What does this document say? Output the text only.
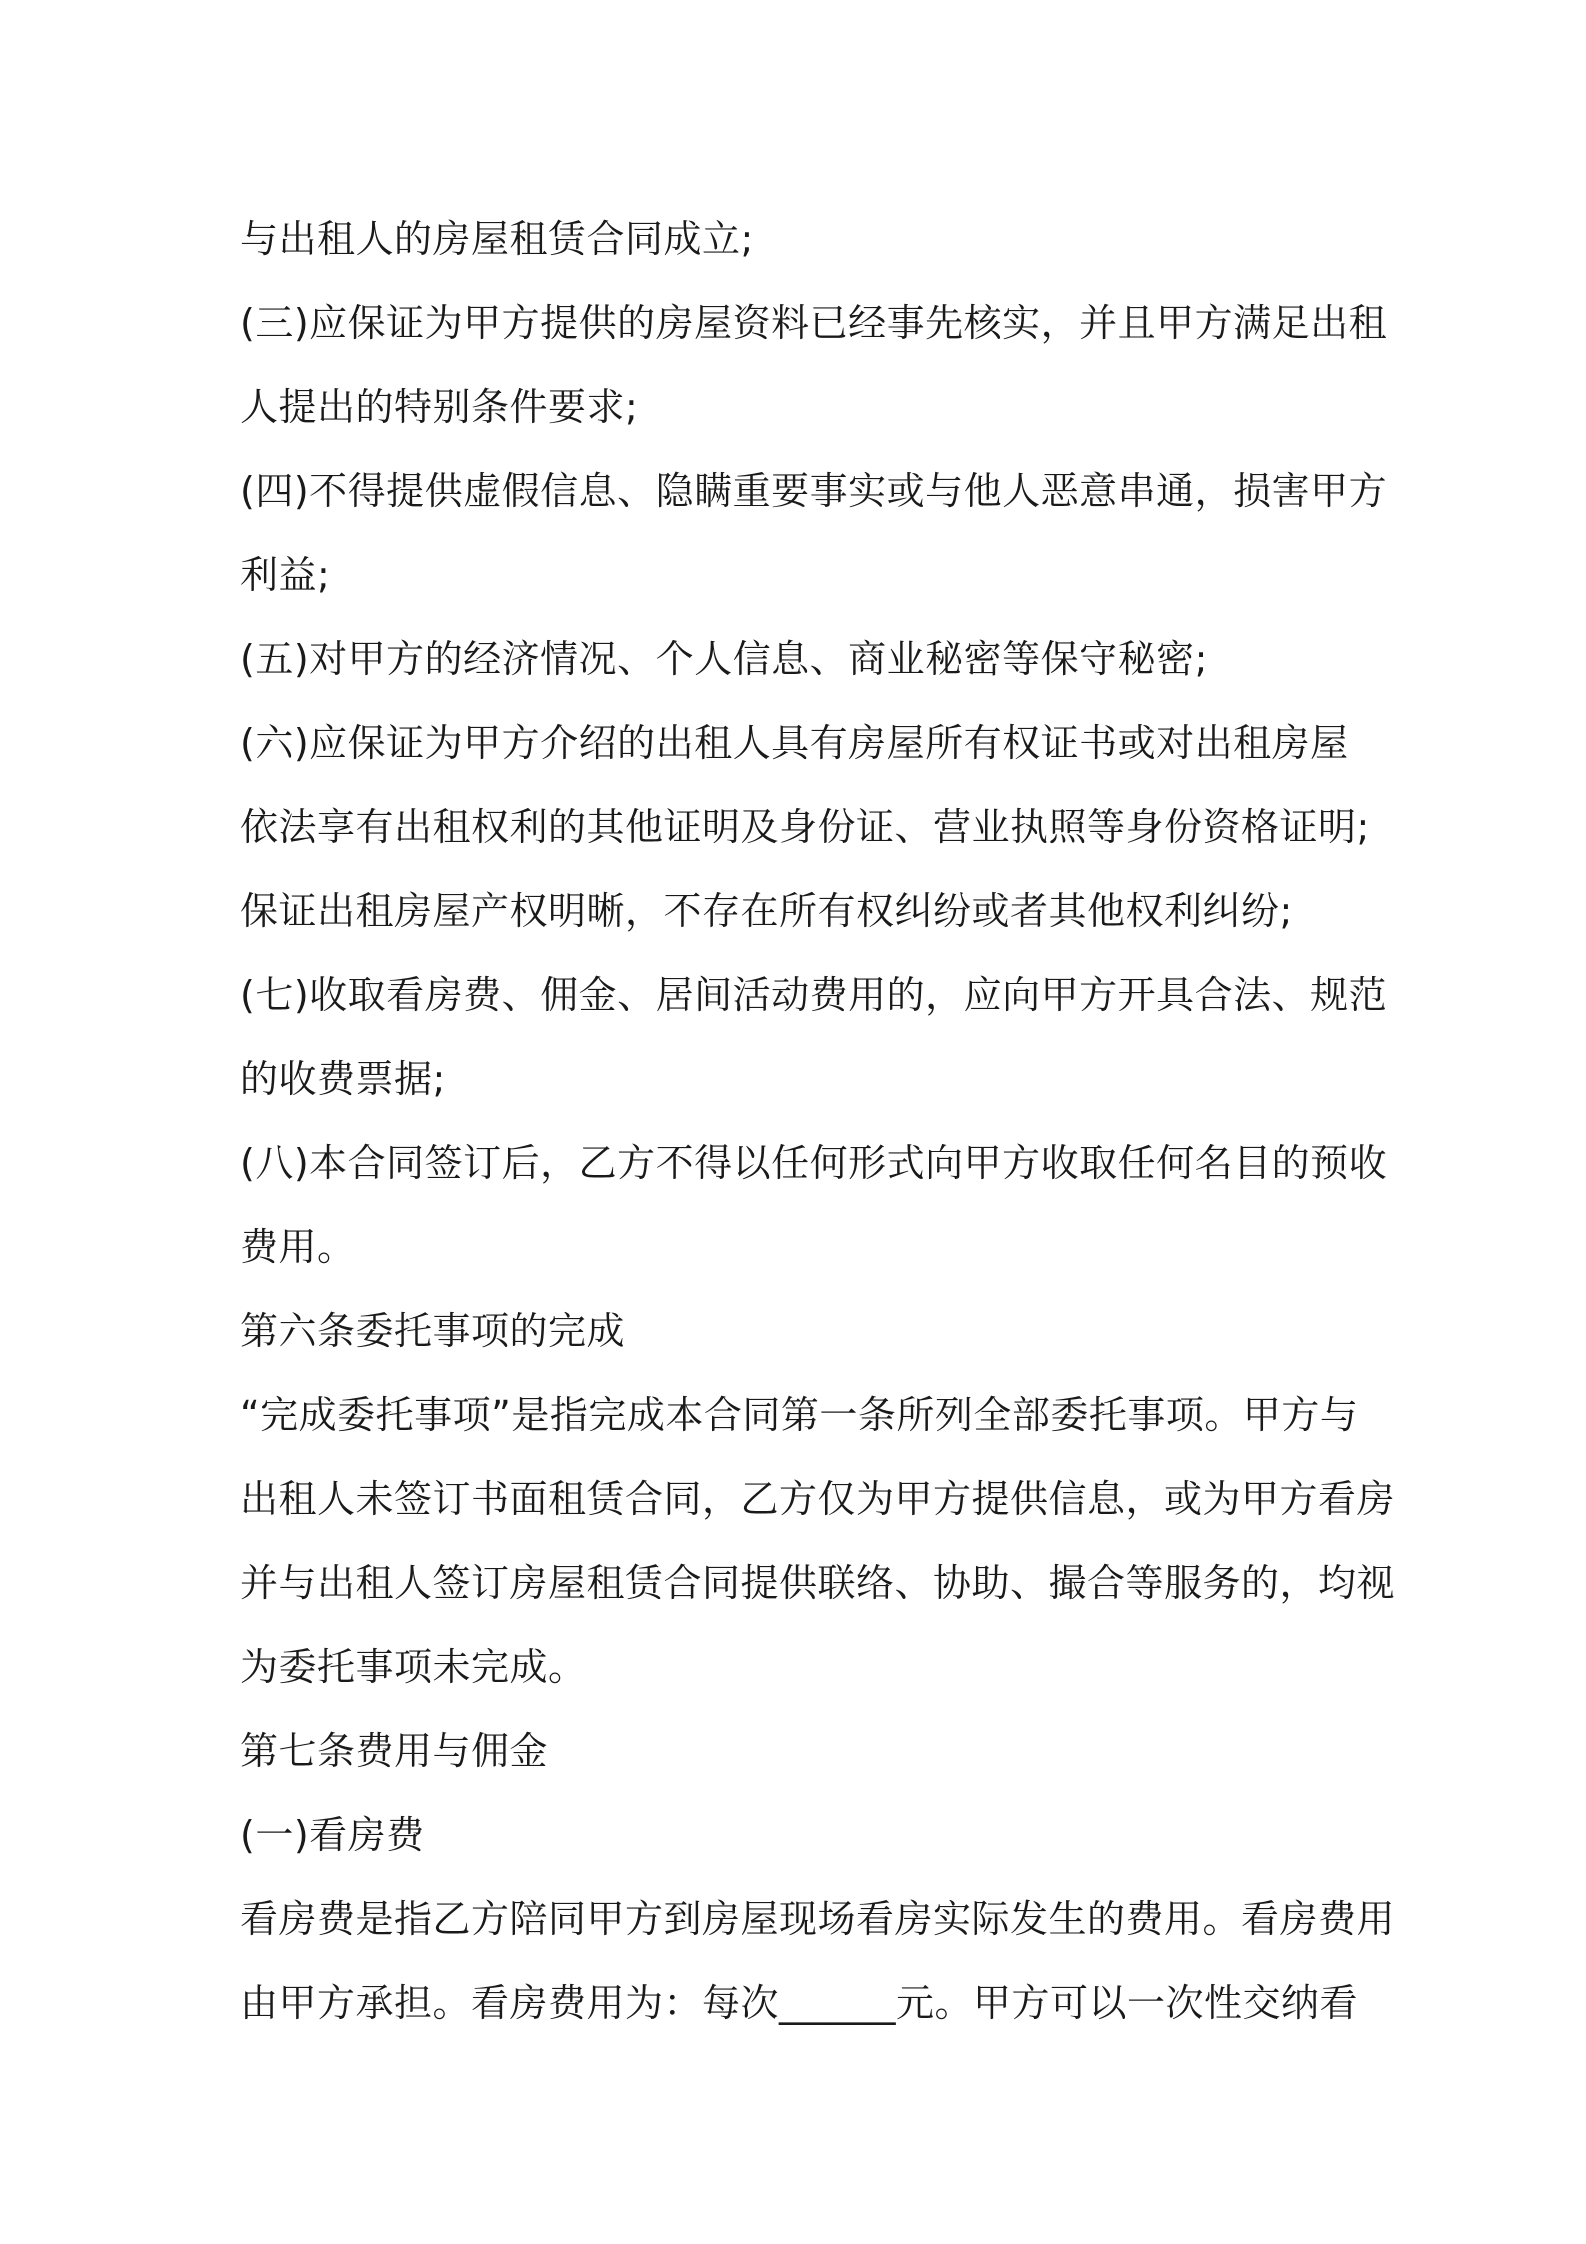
与出租人的房屋租赁合同成立;
(三)应保证为甲方提供的房屋资料已经事先核实，并且甲方满足出租
人提出的特别条件要求;
(四)不得提供虚假信息、隐瞒重要事实或与他人恶意串通，损害甲方
利益;
(五)对甲方的经济情况、个人信息、商业秘密等保守秘密;
(六)应保证为甲方介绍的出租人具有房屋所有权证书或对出租房屋
依法享有出租权利的其他证明及身份证、营业执照等身份资格证明;
保证出租房屋产权明晰，不存在所有权纠纷或者其他权利纠纷;
(七)收取看房费、佣金、居间活动费用的，应向甲方开具合法、规范
的收费票据;
(八)本合同签订后，乙方不得以任何形式向甲方收取任何名目的预收
费用。
第六条委托事项的完成
“完成委托事项”是指完成本合同第一条所列全部委托事项。甲方与
出租人未签订书面租赁合同，乙方仅为甲方提供信息，或为甲方看房
并与出租人签订房屋租赁合同提供联络、协助、撮合等服务的，均视
为委托事项未完成。
第七条费用与佣金
(一)看房费
看房费是指乙方陪同甲方到房屋现场看房实际发生的费用。看房费用
由甲方承担。看房费用为：每次______元。甲方可以一次性交纳看
